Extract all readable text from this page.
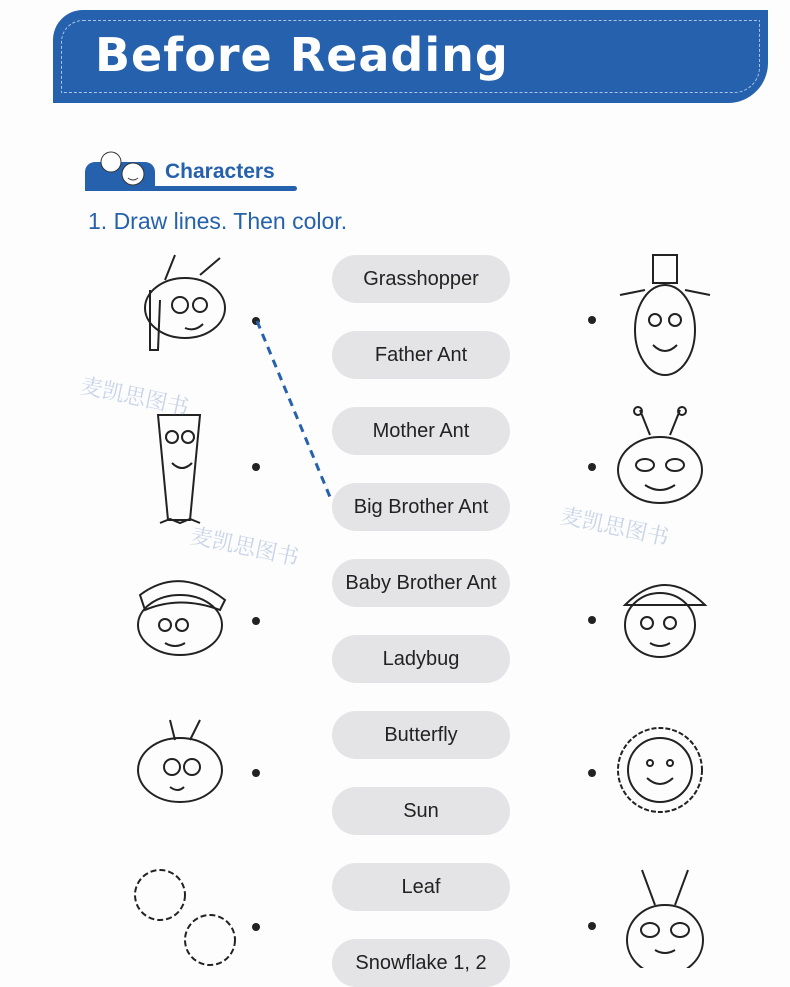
Before Reading
Characters
1. Draw lines. Then color.
Grasshopper
Father Ant
Mother Ant
Big Brother Ant
Baby Brother Ant
Ladybug
Butterfly
Sun
Leaf
Snowflake 1, 2
麦凯思图书
麦凯思图书	麦凯思图书
